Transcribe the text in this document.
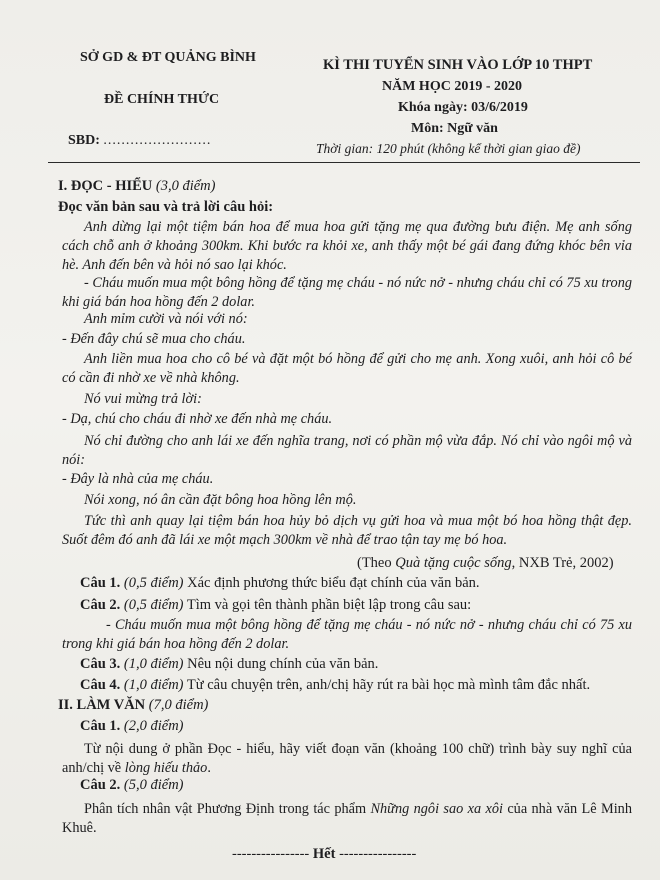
SỞ GD & ĐT QUẢNG BÌNH
ĐỀ CHÍNH THỨC
SBD: ........................
KÌ THI TUYỂN SINH VÀO LỚP 10 THPT
NĂM HỌC 2019 - 2020
Khóa ngày: 03/6/2019
Môn: Ngữ văn
Thời gian: 120 phút (không kể thời gian giao đề)
I. ĐỌC - HIỂU (3,0 điểm)
Đọc văn bản sau và trả lời câu hỏi:
Anh dừng lại một tiệm bán hoa để mua hoa gửi tặng mẹ qua đường bưu điện. Mẹ anh sống cách chỗ anh ở khoảng 300km. Khi bước ra khỏi xe, anh thấy một bé gái đang đứng khóc bên vỉa hè. Anh đến bên và hỏi nó sao lại khóc.
- Cháu muốn mua một bông hồng để tặng mẹ cháu - nó nức nở - nhưng cháu chỉ có 75 xu trong khi giá bán hoa hồng đến 2 dolar.
Anh mỉm cười và nói với nó:
- Đến đây chú sẽ mua cho cháu.
Anh liền mua hoa cho cô bé và đặt một bó hồng để gửi cho mẹ anh. Xong xuôi, anh hỏi cô bé có cần đi nhờ xe về nhà không.
Nó vui mừng trả lời:
- Dạ, chú cho cháu đi nhờ xe đến nhà mẹ cháu.
Nó chỉ đường cho anh lái xe đến nghĩa trang, nơi có phần mộ vừa đắp. Nó chỉ vào ngôi mộ và nói:
- Đây là nhà của mẹ cháu.
Nói xong, nó ân cần đặt bông hoa hồng lên mộ.
Tức thì anh quay lại tiệm bán hoa hủy bỏ dịch vụ gửi hoa và mua một bó hoa hồng thật đẹp. Suốt đêm đó anh đã lái xe một mạch 300km về nhà để trao tận tay mẹ bó hoa.
(Theo Quà tặng cuộc sống, NXB Trẻ, 2002)
Câu 1. (0,5 điểm) Xác định phương thức biểu đạt chính của văn bản.
Câu 2. (0,5 điểm) Tìm và gọi tên thành phần biệt lập trong câu sau:
- Cháu muốn mua một bông hồng để tặng mẹ cháu - nó nức nở - nhưng cháu chỉ có 75 xu trong khi giá bán hoa hồng đến 2 dolar.
Câu 3. (1,0 điểm) Nêu nội dung chính của văn bản.
Câu 4. (1,0 điểm) Từ câu chuyện trên, anh/chị hãy rút ra bài học mà mình tâm đắc nhất.
II. LÀM VĂN (7,0 điểm)
Câu 1. (2,0 điểm)
Từ nội dung ở phần Đọc - hiểu, hãy viết đoạn văn (khoảng 100 chữ) trình bày suy nghĩ của anh/chị về lòng hiếu thảo.
Câu 2. (5,0 điểm)
Phân tích nhân vật Phương Định trong tác phẩm Những ngôi sao xa xôi của nhà văn Lê Minh Khuê.
---------------- Hết ----------------
